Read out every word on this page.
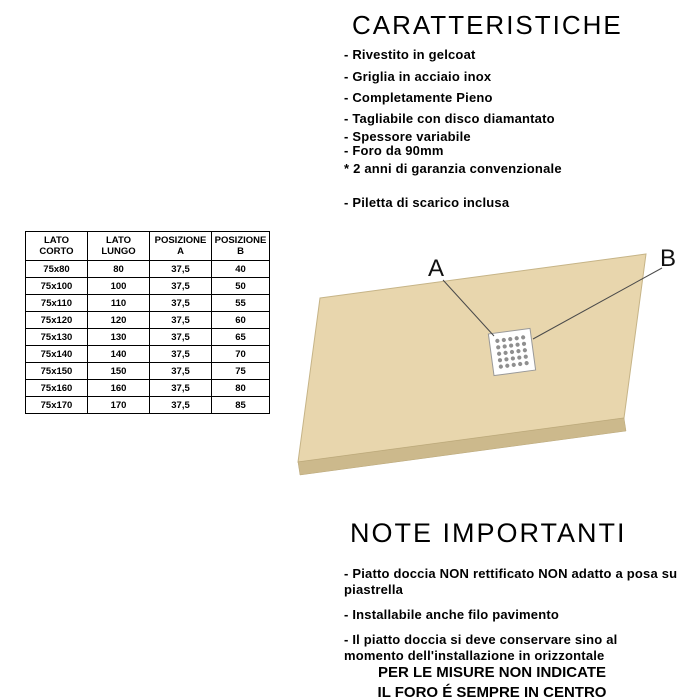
CARATTERISTICHE
- Rivestito in gelcoat
- Griglia in acciaio inox
- Completamente Pieno
- Tagliabile con disco diamantato
- Spessore variabile
- Foro da 90mm
* 2 anni di garanzia convenzionale
- Piletta di scarico inclusa
LATO CORTO	LATO LUNGO	POSIZIONE A	POSIZIONE B
75x80	80	37,5	40
75x100	100	37,5	50
75x110	110	37,5	55
75x120	120	37,5	60
75x130	130	37,5	65
75x140	140	37,5	70
75x150	150	37,5	75
75x160	160	37,5	80
75x170	170	37,5	85
A	B
NOTE IMPORTANTI
- Piatto doccia NON rettificato NON adatto a posa su piastrella
- Installabile anche filo pavimento
- Il piatto doccia si deve conservare sino al momento dell'installazione in orizzontale
PER LE MISURE NON INDICATE
IL FORO É SEMPRE IN CENTRO
